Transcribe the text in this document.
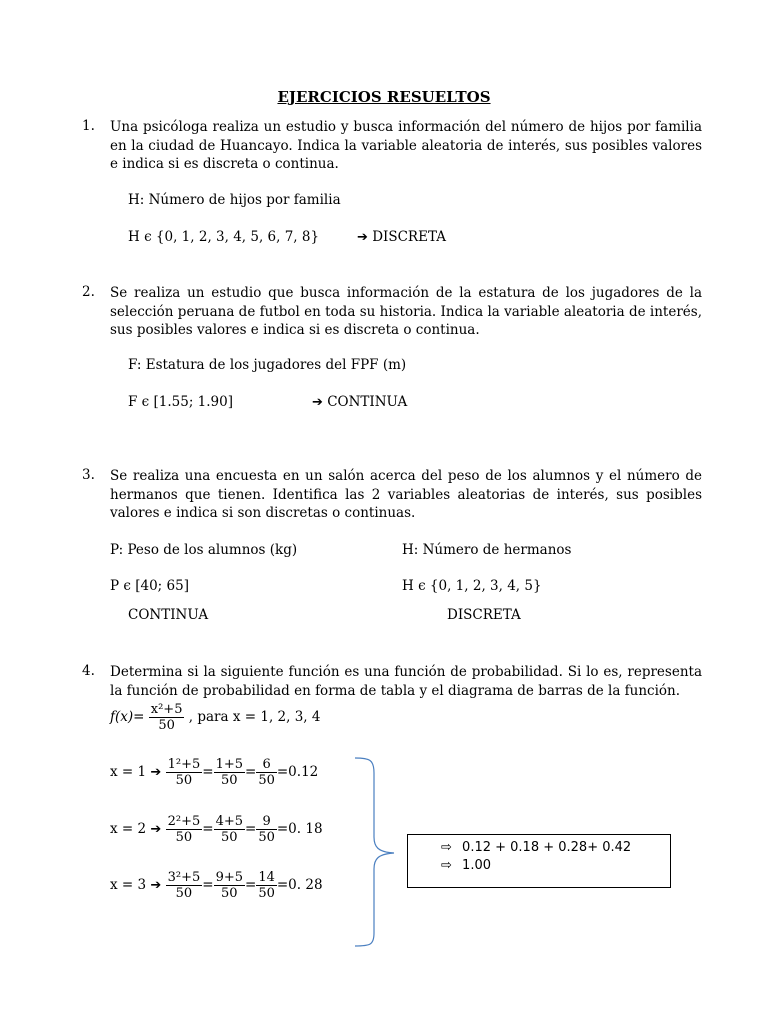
EJERCICIOS RESUELTOS
1. Una psicóloga realiza un estudio y busca información del número de hijos por familia en la ciudad de Huancayo. Indica la variable aleatoria de interés, sus posibles valores e indica si es discreta o continua.
H: Número de hijos por familia
H ϵ {0, 1, 2, 3, 4, 5, 6, 7, 8}	➔ DISCRETA
2. Se realiza un estudio que busca información de la estatura de los jugadores de la selección peruana de futbol en toda su historia. Indica la variable aleatoria de interés, sus posibles valores e indica si es discreta o continua.
F: Estatura de los jugadores del FPF (m)
F ϵ [1.55; 1.90]	➔ CONTINUA
3. Se realiza una encuesta en un salón acerca del peso de los alumnos y el número de hermanos que tienen. Identifica las 2 variables aleatorias de interés, sus posibles valores e indica si son discretas o continuas.
P: Peso de los alumnos (kg)	H: Número de hermanos
P ϵ [40; 65]	H ϵ {0, 1, 2, 3, 4, 5}
CONTINUA	DISCRETA
4. Determina si la siguiente función es una función de probabilidad. Si lo es, representa la función de probabilidad en forma de tabla y el diagrama de barras de la función.
$f(x)= \frac{\text{x²+5}}{50}$ , para x = 1, 2, 3, 4
x = 1 ➔ $\frac{\text{1²+5}}{50} = \frac{1+5}{50} = \frac{6}{50} =0.12$
x = 2 ➔ $\frac{\text{2²+5}}{50} = \frac{4+5}{50} = \frac{9}{50} =0$. 18
x = 3 ➔ $\frac{\text{3²+5}}{50} = \frac{9+5}{50} = \frac{14}{50} =0$. 28
⇨ 0.12 + 0.18 + 0.28+ 0.42
⇨ 1.00
